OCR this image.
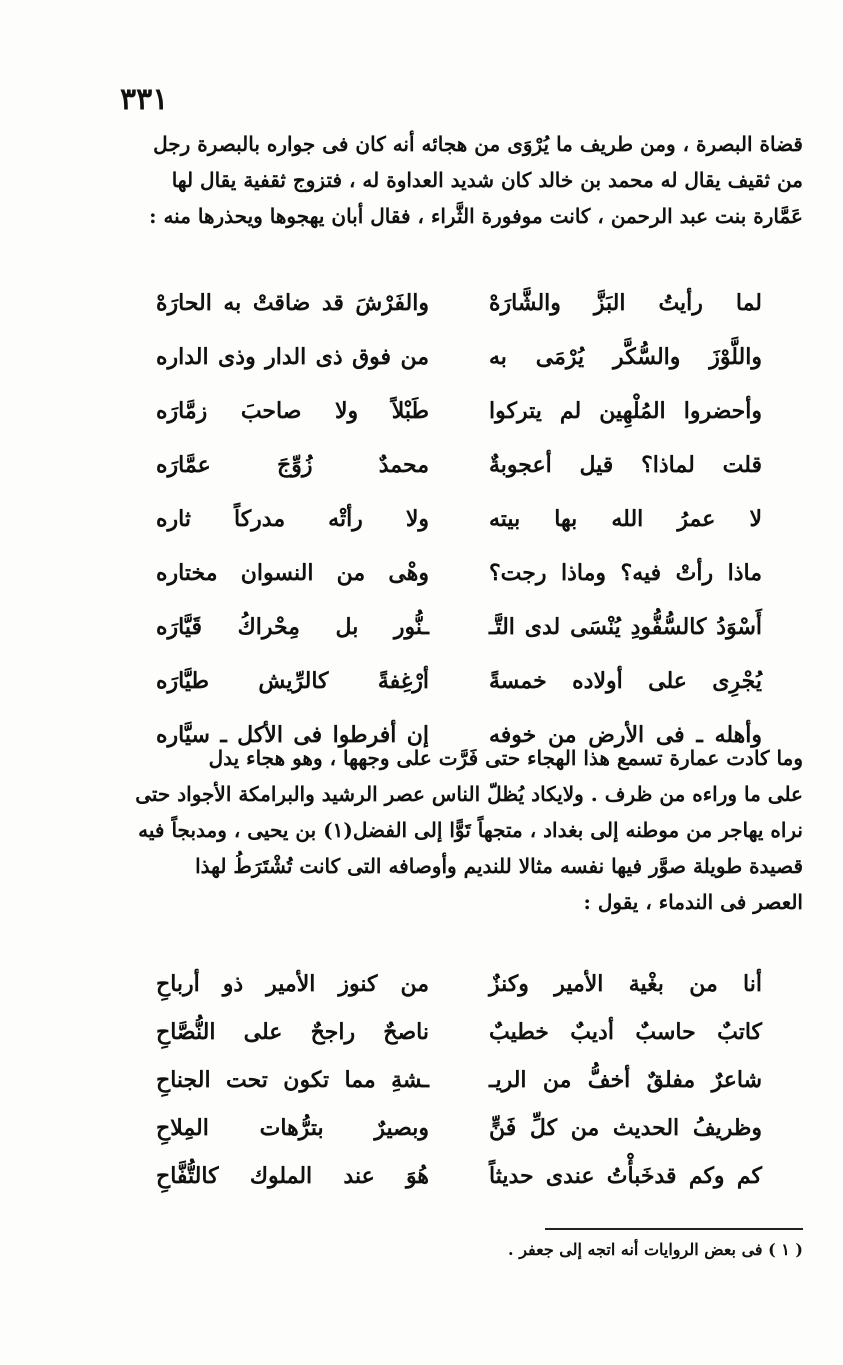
٣٣١
قضاة البصرة ، ومن طريف ما يُرْوَى من هجائه أنه كان فى جواره بالبصرة رجل
من ثقيف يقال له محمد بن خالد كان شديد العداوة له ، فتزوج ثقفية يقال لها
عَمَّارة بنت عبد الرحمن ، كانت موفورة الثَّراء ، فقال أبان يهجوها ويحذرها منه :
لما رأيتُ البَزَّ والشَّارَهْ
والفَرْشَ قد ضاقتْ به الحارَهْ
واللَّوْزَ والسُّكَّر يُرْمَى به
من فوق ذى الدار وذى الداره
وأحضروا المُلْهِين لم يتركوا
طَبْلاً ولا صاحبَ زمَّارَه
قلت لماذا؟ قيل أعجوبةٌ
محمدٌ زُوِّجَ عمَّارَه
لا عمرُ الله بها بيته
ولا رأتْه مدركاً ثاره
ماذا رأتْ فيه؟ وماذا رجت؟
وهْى من النسوان مختاره
أَسْوَدُ كالسُّفُّودِ يُنْسَى لدى التَّـ
ـنُّور بل مِحْراكُ قَيَّارَه
يُجْرِى على أولاده خمسةً
أرْغِفةً كالرِّيش طيَّارَه
وأهله ـ فى الأرض من خوفه
إن أفرطوا فى الأكل ـ سيَّاره
وما كادت عمارة تسمع هذا الهجاء حتى فَرَّت على وجهها ، وهو هجاء يدل
على ما وراءه من ظرف . ولايكاد يُظلّ الناس عصر الرشيد والبرامكة الأجواد حتى
نراه يهاجر من موطنه إلى بغداد ، متجهاً تَوًّا إلى الفضل(١) بن يحيى ، ومدبجاً فيه
قصيدة طويلة صوَّر فيها نفسه مثالا للنديم وأوصافه التى كانت تُشْتَرَطُ لهذا
العصر فى الندماء ، يقول :
أنا من بغْية الأمير وكنزٌ
من كنوز الأمير ذو أرباحِ
كاتبٌ حاسبٌ أديبٌ خطيبٌ
ناصحٌ راجحٌ على النُّصَّاحِ
شاعرٌ مفلقٌ أخفُّ من الريـ
ـشةِ مما تكون تحت الجناحِ
وظريفُ الحديث من كلِّ فَنٍّ
وبصيرٌ بترُّهات المِلاحِ
كم وكم قدخَبأْتُ عندى حديثاً
هُوَ عند الملوك كالتُّفَّاحِ
( ١ ) فى بعض الروايات أنه اتجه إلى جعفر .
